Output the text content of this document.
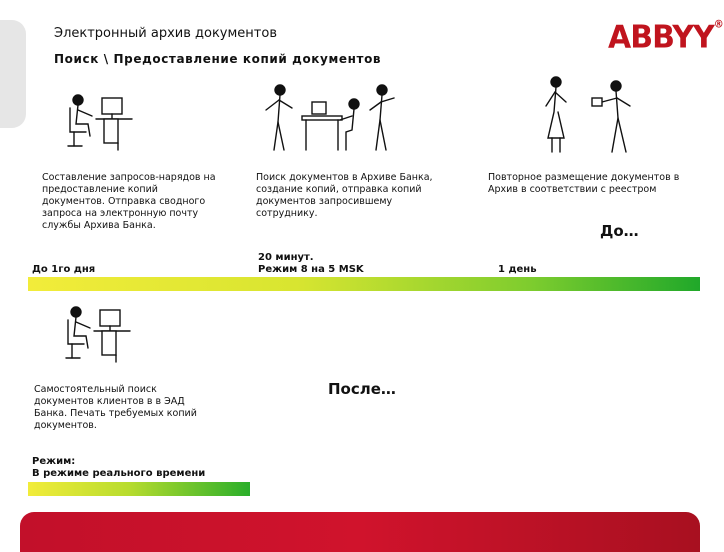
Электронный архив документов
Поиск \ Предоставление копий документов
ABBYY®
Составление запросов-нарядов на предоставление копий документов. Отправка сводного запроса на электронную почту службы Архива Банка.
Поиск документов в Архиве Банка, создание копий, отправка копий документов запросившему сотруднику.
Повторное размещение документов в Архив в соответствии с реестром
До…
До 1го дня
20 минут.
Режим 8 на 5 MSK	1 день
Самостоятельный поиск документов клиентов в в ЭАД Банка. Печать требуемых копий документов.
После…
Режим:
В режиме реального времени
